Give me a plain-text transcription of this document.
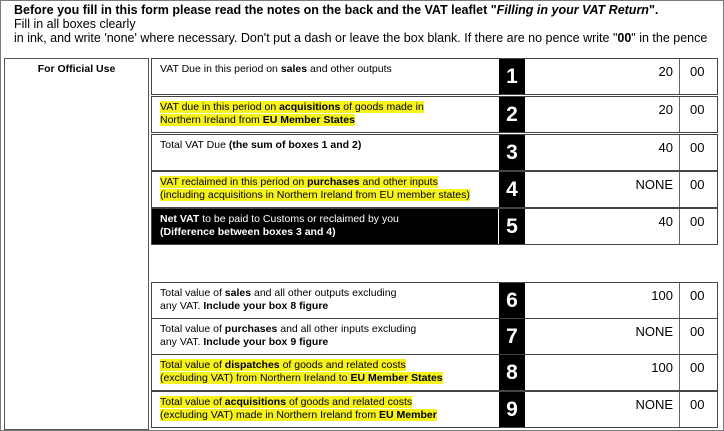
Before you fill in this form please read the notes on the back and the VAT leaflet "Filling in your VAT Return".
Fill in all boxes clearly
in ink, and write 'none' where necessary. Don't put a dash or leave the box blank. If there are no pence write "00" in the pence
For Official Use	VAT Due in this period on sales and other outputs	1	20 00
VAT due in this period on acquisitions of goods made in
Northern Ireland from EU Member States	2	20 00
Total VAT Due (the sum of boxes 1 and 2)	3	40 00
VAT reclaimed in this period on purchases and other inputs
(including acquisitions in Northern Ireland from EU member states)	4	NONE 00
Net VAT to be paid to Customs or reclaimed by you
(Difference between boxes 3 and 4)	5	40 00
Total value of sales and all other outputs excluding
any VAT. Include your box 8 figure	6	100 00
Total value of purchases and all other inputs excluding
any VAT. Include your box 9 figure	7	NONE 00
Total value of dispatches of goods and related costs
(excluding VAT) from Northern Ireland to EU Member States	8	100 00
Total value of acquisitions of goods and related costs
(excluding VAT) made in Northern Ireland from EU Member	9	NONE 00
